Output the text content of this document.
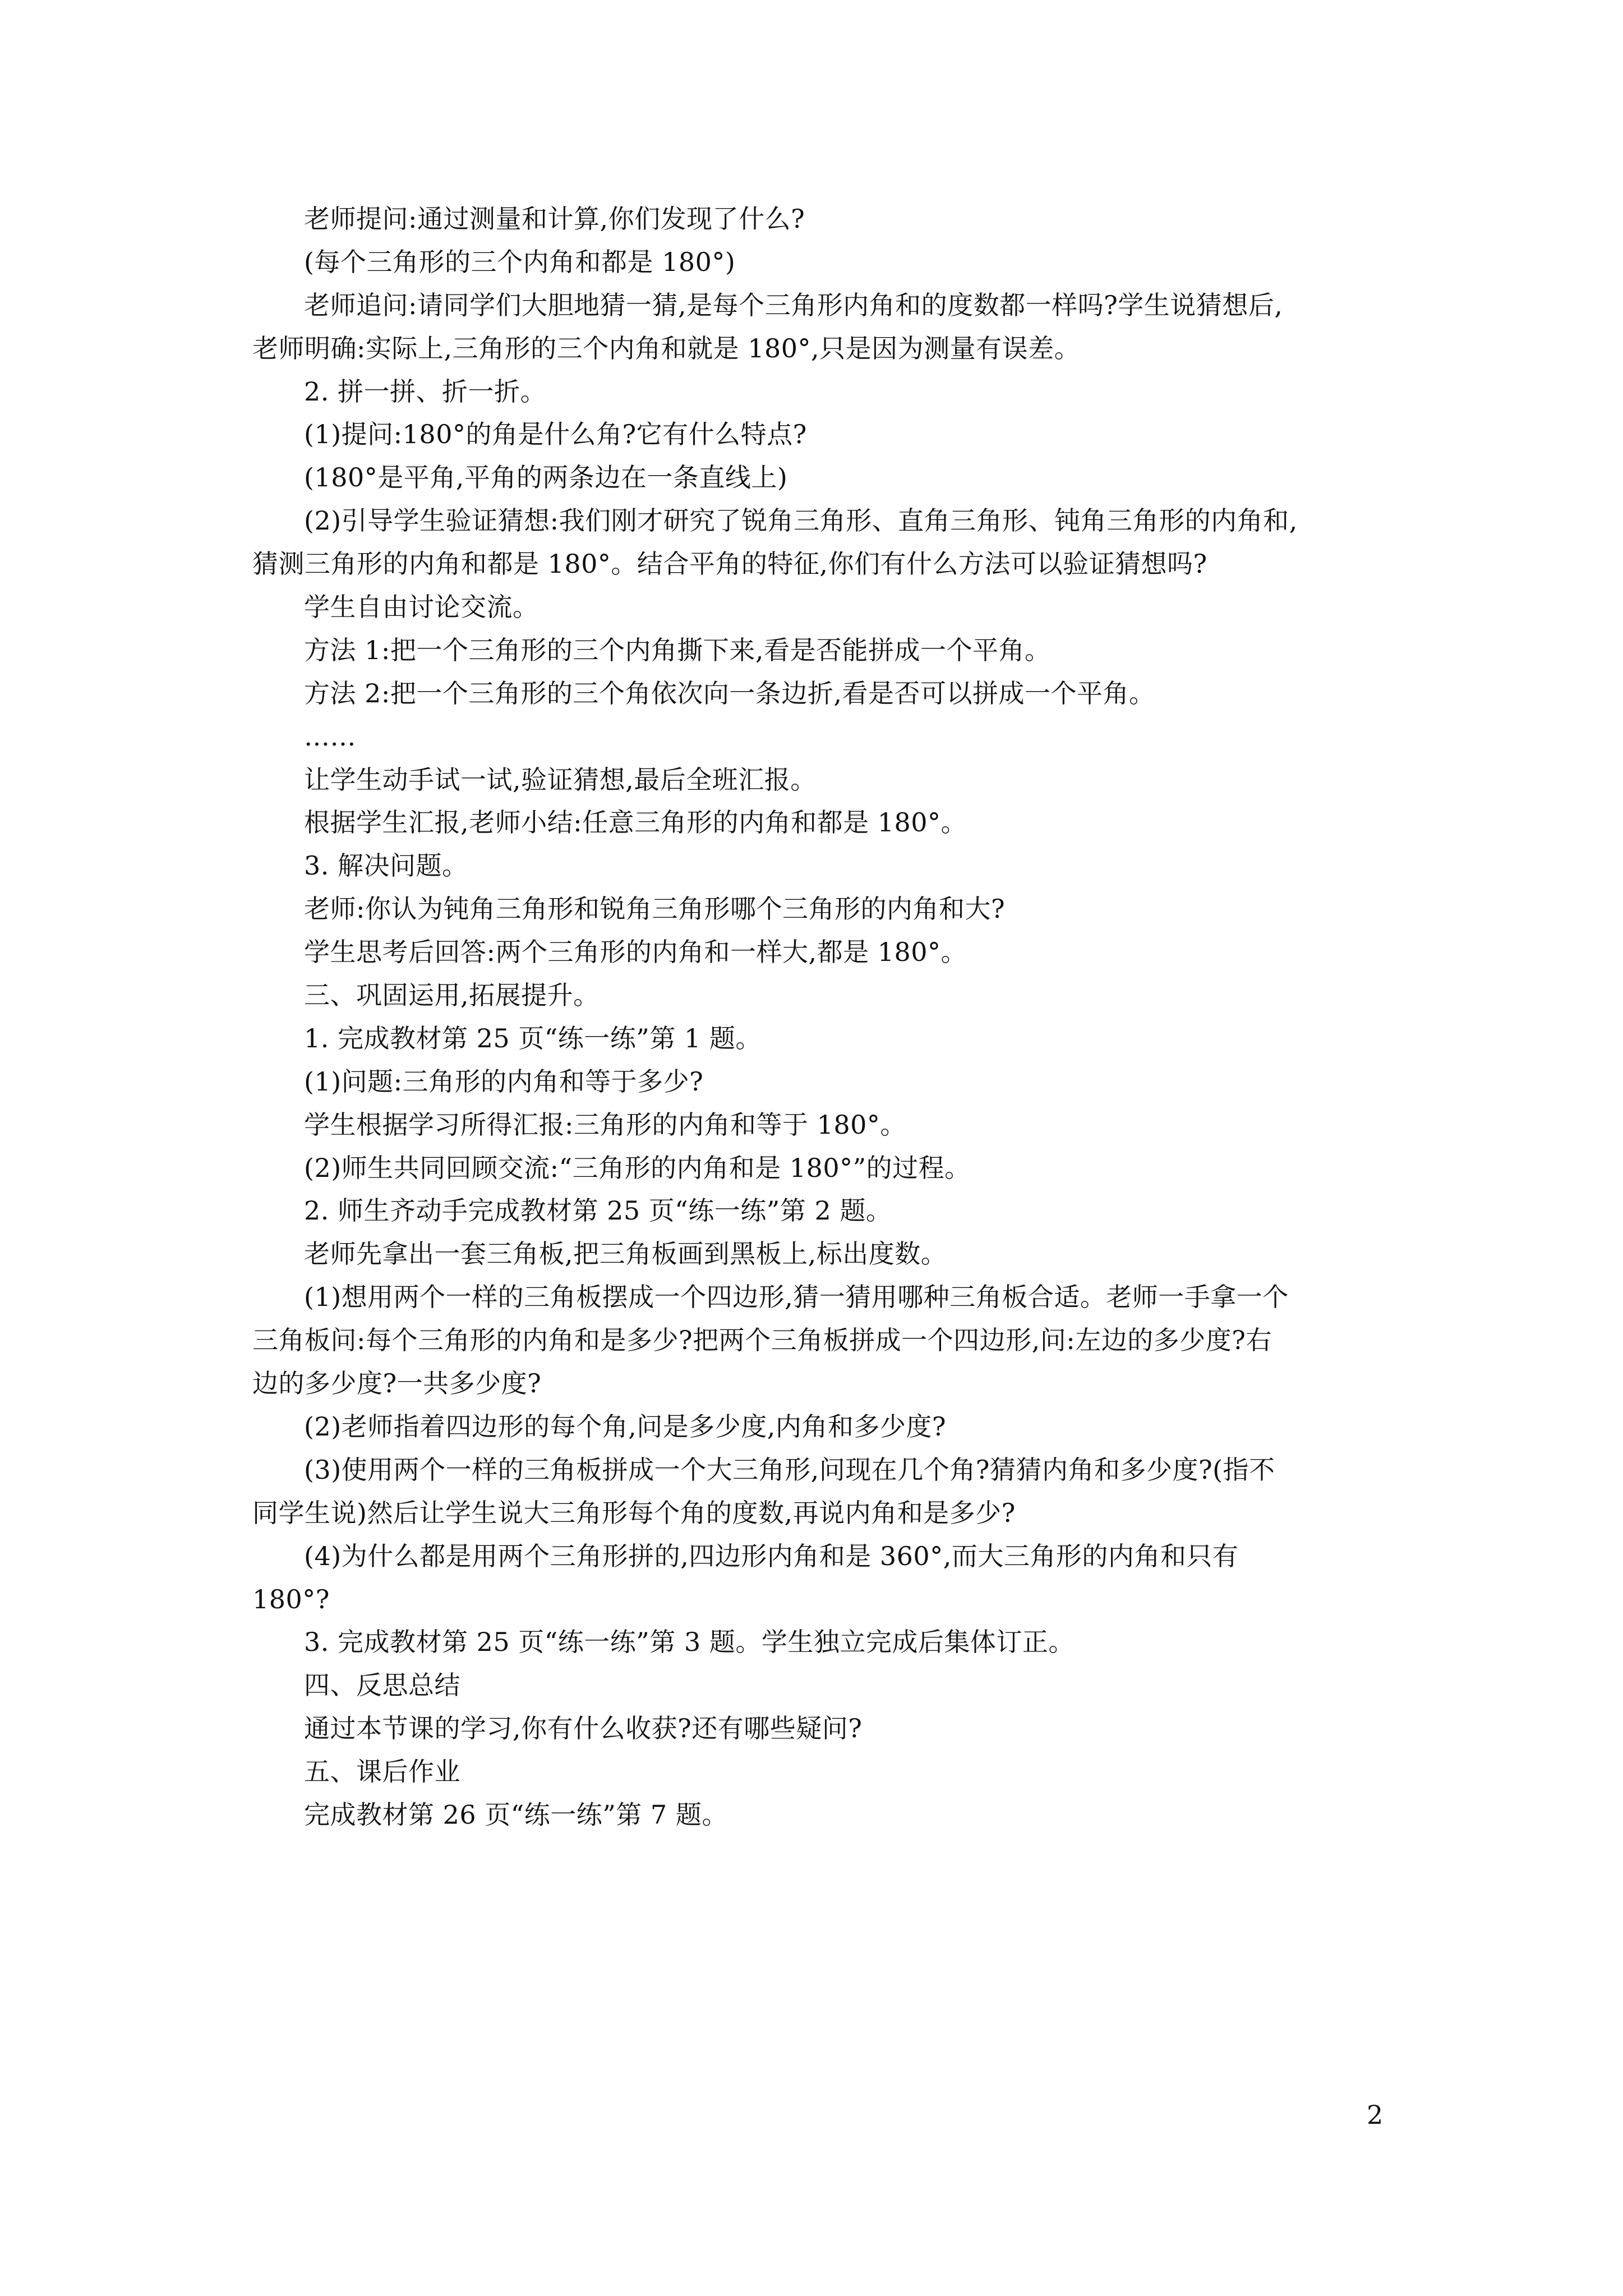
老师提问:通过测量和计算,你们发现了什么?
(每个三角形的三个内角和都是 180°)
老师追问:请同学们大胆地猜一猜,是每个三角形内角和的度数都一样吗?学生说猜想后,
老师明确:实际上,三角形的三个内角和就是 180°,只是因为测量有误差。
2. 拼一拼、折一折。
(1)提问:180°的角是什么角?它有什么特点?
(180°是平角,平角的两条边在一条直线上)
(2)引导学生验证猜想:我们刚才研究了锐角三角形、直角三角形、钝角三角形的内角和,
猜测三角形的内角和都是 180°。结合平角的特征,你们有什么方法可以验证猜想吗?
学生自由讨论交流。
方法 1:把一个三角形的三个内角撕下来,看是否能拼成一个平角。
方法 2:把一个三角形的三个角依次向一条边折,看是否可以拼成一个平角。
……
让学生动手试一试,验证猜想,最后全班汇报。
根据学生汇报,老师小结:任意三角形的内角和都是 180°。
3. 解决问题。
老师:你认为钝角三角形和锐角三角形哪个三角形的内角和大?
学生思考后回答:两个三角形的内角和一样大,都是 180°。
三、巩固运用,拓展提升。
1. 完成教材第 25 页“练一练”第 1 题。
(1)问题:三角形的内角和等于多少?
学生根据学习所得汇报:三角形的内角和等于 180°。
(2)师生共同回顾交流:“三角形的内角和是 180°”的过程。
2. 师生齐动手完成教材第 25 页“练一练”第 2 题。
老师先拿出一套三角板,把三角板画到黑板上,标出度数。
(1)想用两个一样的三角板摆成一个四边形,猜一猜用哪种三角板合适。老师一手拿一个
三角板问:每个三角形的内角和是多少?把两个三角板拼成一个四边形,问:左边的多少度?右
边的多少度?一共多少度?
(2)老师指着四边形的每个角,问是多少度,内角和多少度?
(3)使用两个一样的三角板拼成一个大三角形,问现在几个角?猜猜内角和多少度?(指不
同学生说)然后让学生说大三角形每个角的度数,再说内角和是多少?
(4)为什么都是用两个三角形拼的,四边形内角和是 360°,而大三角形的内角和只有
180°?
3. 完成教材第 25 页“练一练”第 3 题。学生独立完成后集体订正。
四、反思总结
通过本节课的学习,你有什么收获?还有哪些疑问?
五、课后作业
完成教材第 26 页“练一练”第 7 题。
2
